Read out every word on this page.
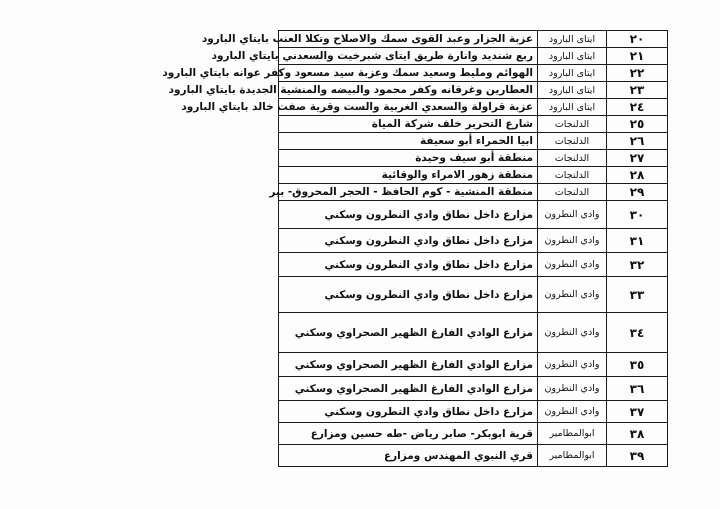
٢٠	ايتاى البارود	عزبة الجزار وعبد القوى سمك والاصلاح وتكلا العنب بايتاي البارود
٢١	ايتاى البارود	ربع شنديد وانارة طريق ايتاى شبرخيت والسعدني بايتاي البارود
٢٢	ايتاى البارود	الهوائم ومليط وسعيد سمك وعزبة سيد مسعود وكفر عوانه بايتاي البارود
٢٣	ايتاى البارود	العطارين وغرقانه وكفر محمود والبيضه والمنشية الجديدة بايتاي البارود
٢٤	ايتاى البارود	عزبة قراولة والسعدي الغربية والست وقرية صفت خالد بايتاي البارود
٢٥	الدلنجات	شارع التحرير خلف شركة المياة
٢٦	الدلنجات	ابيا الحمراء أبو سعيفة
٢٧	الدلنجات	منطقة أبو سيف وحيدة
٢٨	الدلنجات	منطقة زهور الامراء والوقائية
٢٩	الدلنجات	منطقة المنشية - كوم الحافظ - الحجر المحروق- بير
٣٠	وادي النطرون	مزارع داخل نطاق وادي النطرون وسكني
٣١	وادي النطرون	مزارع داخل نطاق وادي النطرون وسكني
٣٢	وادي النطرون	مزارع داخل نطاق وادي النطرون وسكني
٣٣	وادي النطرون	مزارع داخل نطاق وادي النطرون وسكني
٣٤	وادي النطرون	مزارع الوادي الفارغ الظهير الصحراوي وسكني
٣٥	وادي النطرون	مزارع الوادي الفارغ الظهير الصحراوي وسكني
٣٦	وادي النطرون	مزارع الوادي الفارغ الظهير الصحراوي وسكني
٣٧	وادي النطرون	مزارع داخل نطاق وادي النطرون وسكني
٣٨	ابوالمطامير	قرية ابوبكر- صابر رياض -طه حسين ومزارع
٣٩	ابوالمطامير	قري النبوي المهندس ومزارع
